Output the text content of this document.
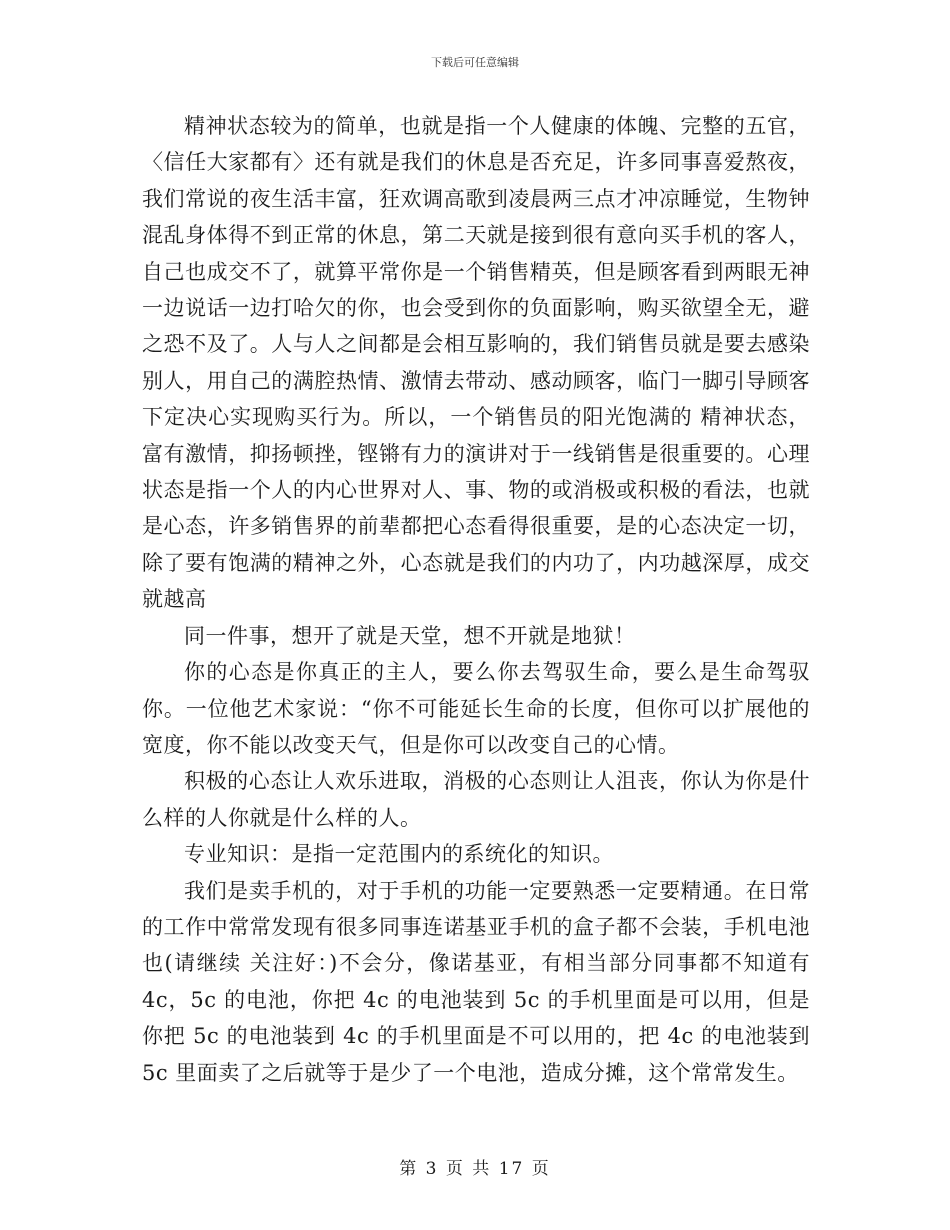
下载后可任意编辑

精神状态较为的简单，也就是指一个人健康的体魄、完整的五官，〈信任大家都有〉还有就是我们的休息是否充足，许多同事喜爱熬夜，我们常说的夜生活丰富，狂欢调高歌到凌晨两三点才冲凉睡觉，生物钟混乱身体得不到正常的休息，第二天就是接到很有意向买手机的客人，自己也成交不了，就算平常你是一个销售精英，但是顾客看到两眼无神一边说话一边打哈欠的你，也会受到你的负面影响，购买欲望全无，避之恐不及了。人与人之间都是会相互影响的，我们销售员就是要去感染别人，用自己的满腔热情、激情去带动、感动顾客，临门一脚引导顾客下定决心实现购买行为。所以，一个销售员的阳光饱满的 精神状态，富有激情，抑扬顿挫，铿锵有力的演讲对于一线销售是很重要的。心理状态是指一个人的内心世界对人、事、物的或消极或积极的看法，也就是心态，许多销售界的前辈都把心态看得很重要，是的心态决定一切，除了要有饱满的精神之外，心态就是我们的内功了，内功越深厚，成交就越高

同一件事，想开了就是天堂，想不开就是地狱！

你的心态是你真正的主人，要么你去驾驭生命，要么是生命驾驭你。一位他艺术家说：“你不可能延长生命的长度，但你可以扩展他的宽度，你不能以改变天气，但是你可以改变自己的心情。

积极的心态让人欢乐进取，消极的心态则让人沮丧，你认为你是什么样的人你就是什么样的人。

专业知识：是指一定范围内的系统化的知识。

我们是卖手机的，对于手机的功能一定要熟悉一定要精通。在日常的工作中常常发现有很多同事连诺基亚手机的盒子都不会装，手机电池也(请继续 关注好：)不会分，像诺基亚，有相当部分同事都不知道有 4c，5c 的电池，你把 4c 的电池装到 5c 的手机里面是可以用，但是你把 5c 的电池装到 4c 的手机里面是不可以用的，把 4c 的电池装到 5c 里面卖了之后就等于是少了一个电池，造成分摊，这个常常发生。

第 3 页 共 17 页
